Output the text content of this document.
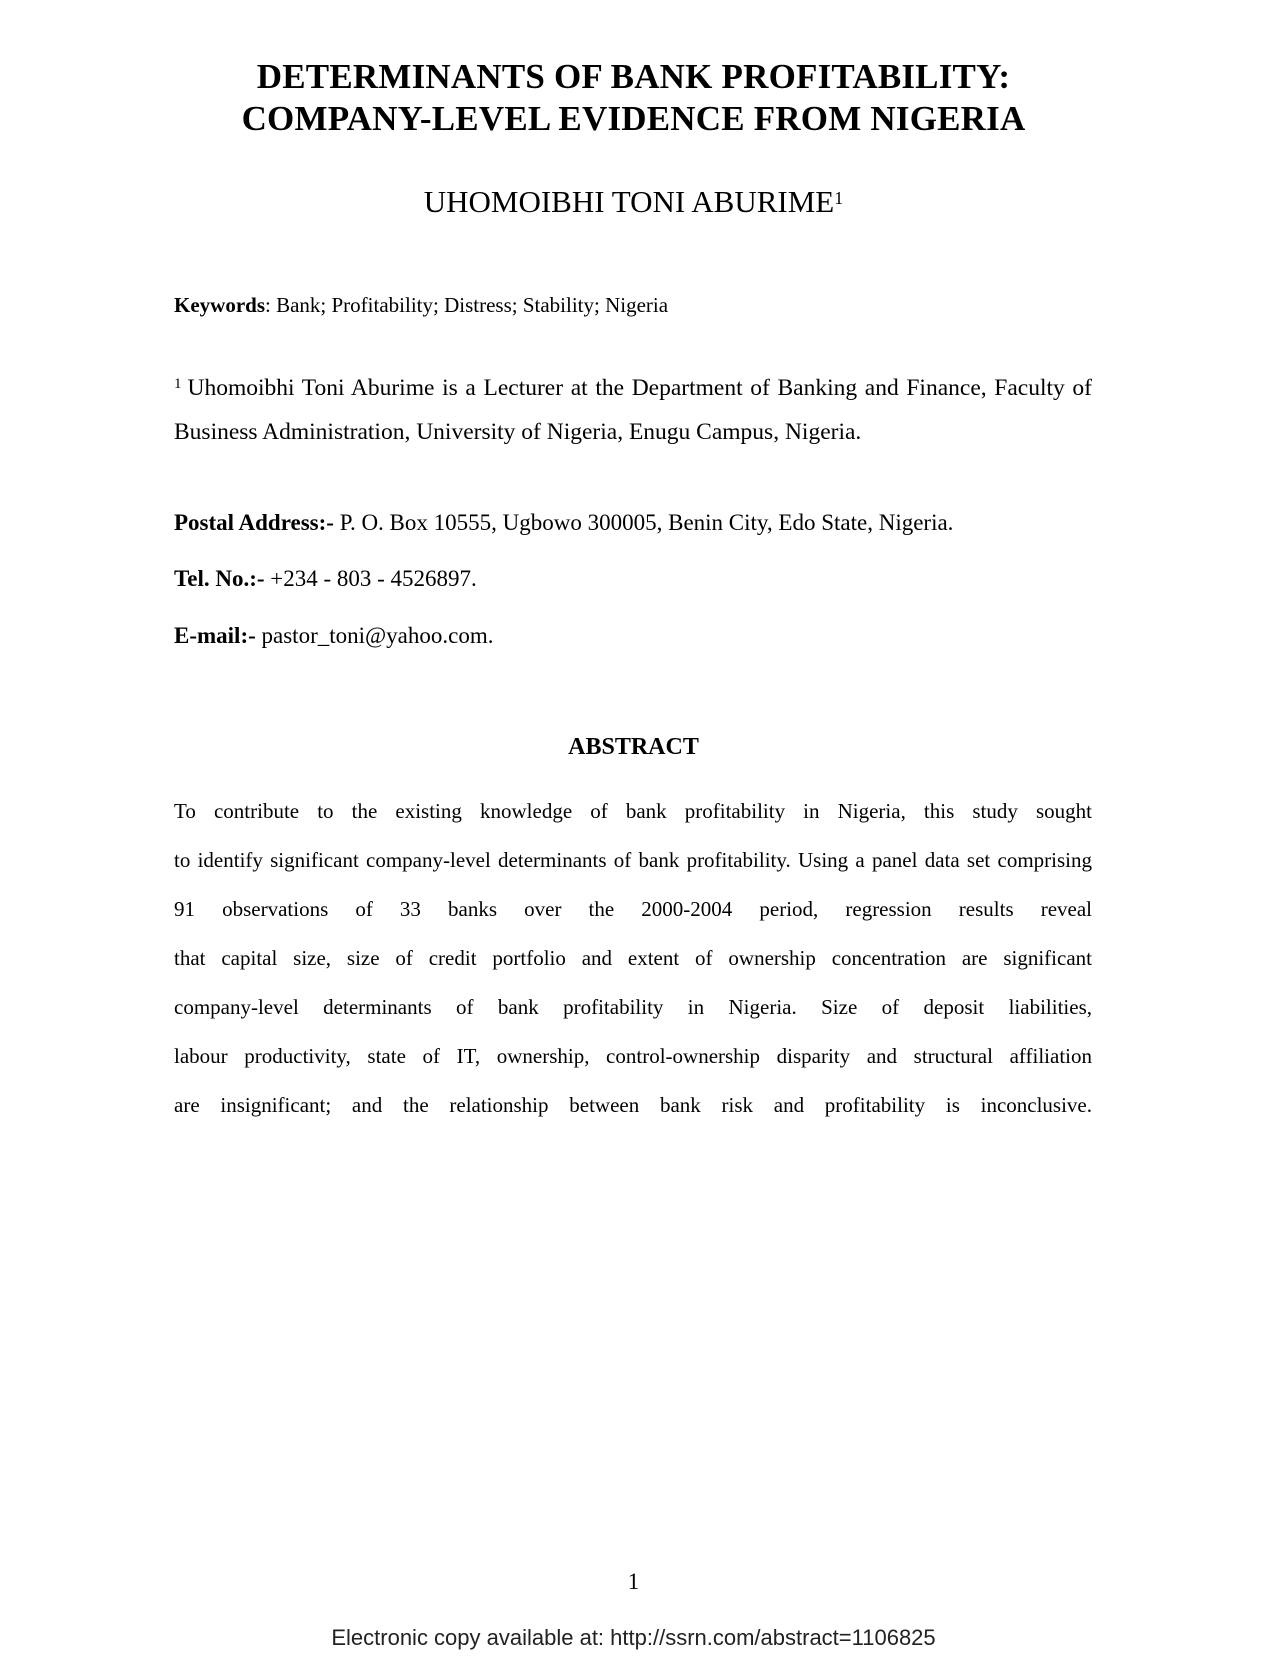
DETERMINANTS OF BANK PROFITABILITY:
COMPANY-LEVEL EVIDENCE FROM NIGERIA
UHOMOIBHI TONI ABURIME$^1$
Keywords: Bank; Profitability; Distress; Stability; Nigeria
$^1$ Uhomoibhi Toni Aburime is a Lecturer at the Department of Banking and Finance, Faculty of Business Administration, University of Nigeria, Enugu Campus, Nigeria.
Postal Address:- P. O. Box 10555, Ugbowo 300005, Benin City, Edo State, Nigeria.
Tel. No.:- +234 - 803 - 4526897.
E-mail:- pastor_toni@yahoo.com.
ABSTRACT
To contribute to the existing knowledge of bank profitability in Nigeria, this study sought
to identify significant company-level determinants of bank profitability. Using a panel data set comprising
91 observations of 33 banks over the 2000-2004 period, regression results reveal
that capital size, size of credit portfolio and extent of ownership concentration are significant
company-level determinants of bank profitability in Nigeria. Size of deposit liabilities,
labour productivity, state of IT, ownership, control-ownership disparity and structural affiliation
are insignificant; and the relationship between bank risk and profitability is inconclusive.
1
Electronic copy available at: http://ssrn.com/abstract=1106825
